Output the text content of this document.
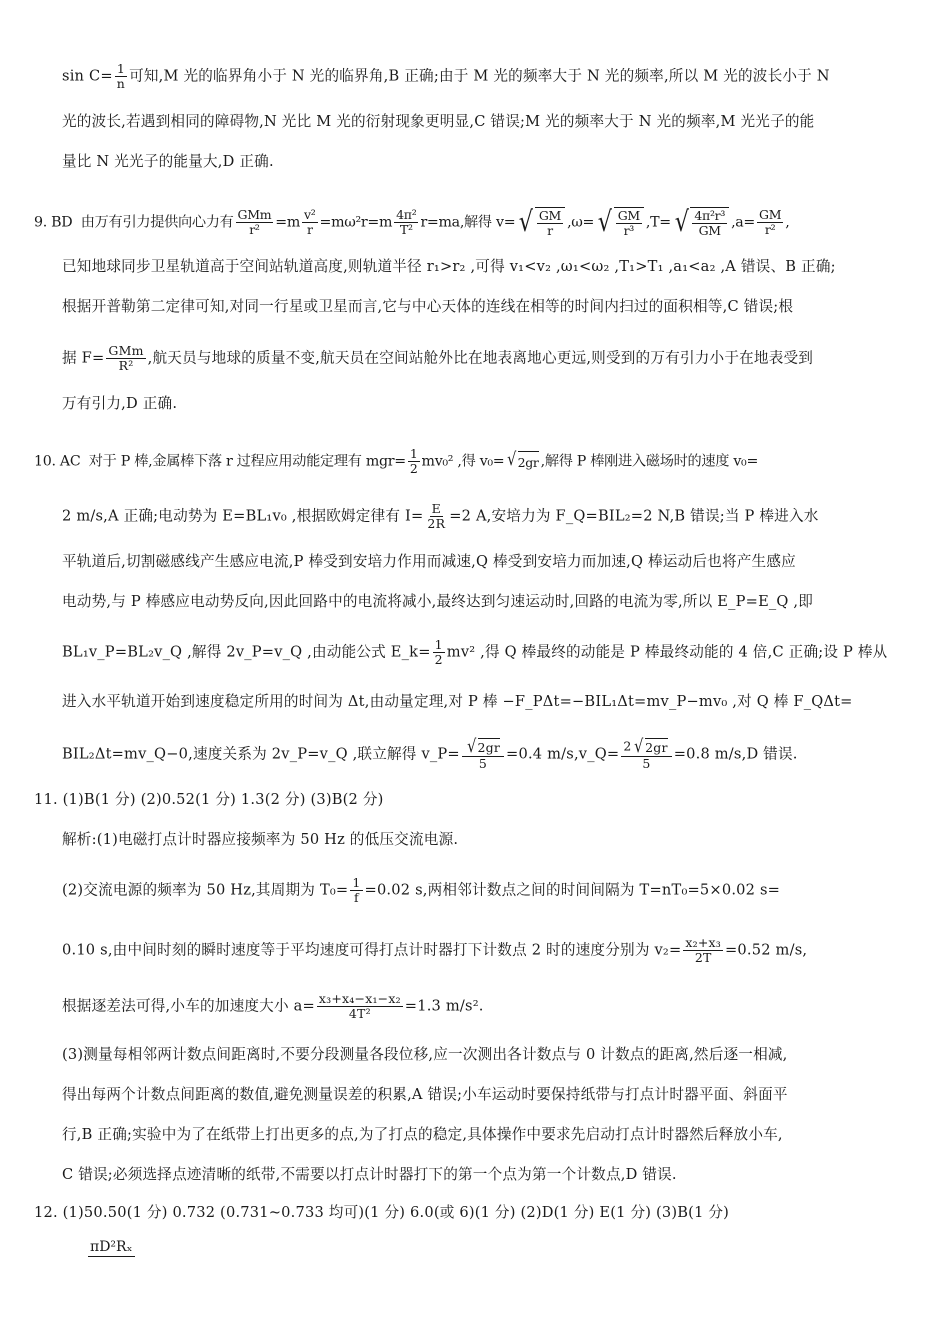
$\sin C= \frac{1}{n}$ 可知,M 光的临界角小于 N 光的临界角,B 正确;由于 M 光的频率大于 N 光的频率,所以 M 光的波长小于 N
光的波长,若遇到相同的障碍物,N 光比 M 光的衍射现象更明显,C 错误;M 光的频率大于 N 光的频率,M 光光子的能
量比 N 光光子的能量大,D 正确.
9. BD 由万有引力提供向心力有 $\frac{\text{GMm}}{\text{r²}} =m \frac{\text{v²}}{r} =m\omega^2r=m \frac{\text{4π²}}{\text{T²}} r=ma$,解得 v= √ $\frac{GM}{r} ,\omega=$ √ $\frac{GM}{\text{r³}} ,T=$ √ $\frac{\text{4π²r³}}{GM} ,a= \frac{GM}{\text{r²}}$ ,
已知地球同步卫星轨道高于空间站轨道高度,则轨道半径 r₁>r₂ ,可得 v₁<v₂ ,ω₁<ω₂ ,T₁>T₁ ,a₁<a₂ ,A 错误、B 正确;
根据开普勒第二定律可知,对同一行星或卫星而言,它与中心天体的连线在相等的时间内扫过的面积相等,C 错误;根
据 $F= \frac{\text{GMm}}{\text{R²}}$ ,航天员与地球的质量不变,航天员在空间站舱外比在地表离地心更远,则受到的万有引力小于在地表受到
万有引力,D 正确.
10. AC 对于 P 棒,金属棒下落 r 过程应用动能定理有 $mgr= \frac{1}{2} mv_0^2$ ,得 v₀= √ 2gr ,解得 P 棒刚进入磁场时的速度 v₀=
2 m/s,A 正确;电动势为 E=BL₁v₀ ,根据欧姆定律有 $I= \frac{E}{2R} =2$ A,安培力为 F_Q=BIL₂=2 N,B 错误;当 P 棒进入水
平轨道后,切割磁感线产生感应电流,P 棒受到安培力作用而减速,Q 棒受到安培力而加速,Q 棒运动后也将产生感应
电动势,与 P 棒感应电动势反向,因此回路中的电流将减小,最终达到匀速运动时,回路的电流为零,所以 E_P=E_Q ,即
BL₁v_P=BL₂v_Q ,解得 2v_P=v_Q ,由动能公式 E_k= $\frac{1}{2} mv^2$ ,得 Q 棒最终的动能是 P 棒最终动能的 4 倍,C 正确;设 P 棒从
进入水平轨道开始到速度稳定所用的时间为 Δt,由动量定理,对 P 棒 −F_PΔt=−BIL₁Δt=mv_P−mv₀ ,对 Q 棒 F_QΔt=
BIL₂Δt=mv_Q−0,速度关系为 2v_P=v_Q ,联立解得 v_P= $\frac{√ 2gr}{5} =0.4$ m/s,v_Q= $\frac{2 √ 2gr}{5} =0.8$ m/s,D 错误.
11. (1)B(1 分) (2)0.52(1 分) 1.3(2 分) (3)B(2 分)
解析:(1)电磁打点计时器应接频率为 50 Hz 的低压交流电源.
(2)交流电源的频率为 50 Hz,其周期为 $T_0= \frac{1}{f} =0.02$ s,两相邻计数点之间的时间间隔为 T=nT₀=5×0.02 s=
0.10 s,由中间时刻的瞬时速度等于平均速度可得打点计时器打下计数点 2 时的速度分别为 $v_2= \frac{\text{x₂+x₃}}{2T} =0.52$ m/s,
根据逐差法可得,小车的加速度大小 $a= \frac{\text{x₃+x₄−x₁−x₂}}{\text{4T²}} =1.3$ m/s².
(3)测量每相邻两计数点间距离时,不要分段测量各段位移,应一次测出各计数点与 0 计数点的距离,然后逐一相减,
得出每两个计数点间距离的数值,避免测量误差的积累,A 错误;小车运动时要保持纸带与打点计时器平面、斜面平
行,B 正确;实验中为了在纸带上打出更多的点,为了打点的稳定,具体操作中要求先启动打点计时器然后释放小车,
C 错误;必须选择点迹清晰的纸带,不需要以打点计时器打下的第一个点为第一个计数点,D 错误.
12. (1)50.50(1 分) 0.732 (0.731~0.733 均可)(1 分) 6.0(或 6)(1 分) (2)D(1 分) E(1 分) (3)B(1 分)
πD²Rₓ
